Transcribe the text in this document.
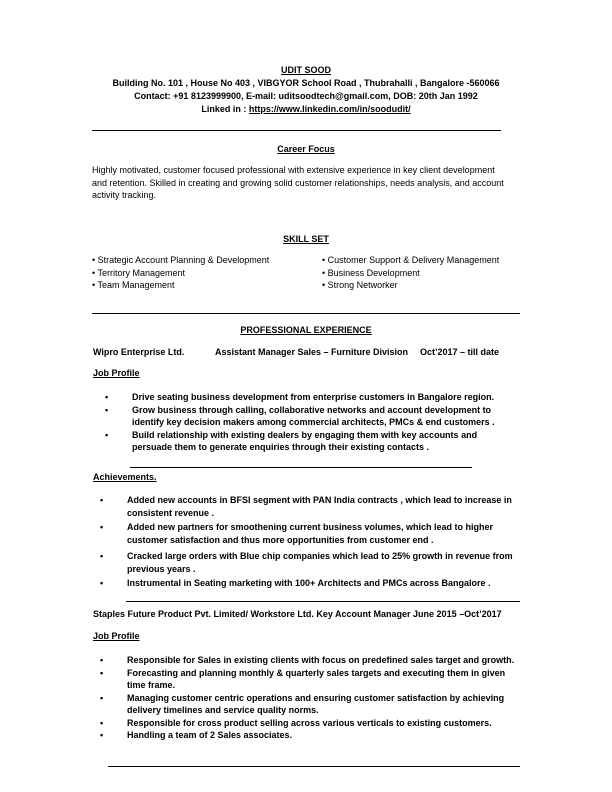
UDIT SOOD
Building No. 101 , House No 403 , VIBGYOR School Road , Thubrahalli , Bangalore -560066
Contact: +91 8123999900, E-mail: uditsoodtech@gmail.com, DOB: 20th Jan 1992
Linked in : https://www.linkedin.com/in/soodudit/
Career Focus
Highly motivated, customer focused professional with extensive experience in key client development and retention. Skilled in creating and growing solid customer relationships, needs analysis, and account activity tracking.
SKILL SET
• Strategic Account Planning & Development
• Territory Management
• Team Management
• Customer Support & Delivery Management
• Business Development
• Strong Networker
PROFESSIONAL EXPERIENCE
Wipro Enterprise Ltd.	Assistant Manager Sales – Furniture Division Oct’2017 – till date
Job Profile
• Drive seating business development from enterprise customers in Bangalore region.
• Grow business through calling, collaborative networks and account development to identify key decision makers among commercial architects, PMCs & end customers .
• Build relationship with existing dealers by engaging them with key accounts and persuade them to generate enquiries through their existing contacts .
Achievements.
• Added new accounts in BFSI segment with PAN India contracts , which lead to increase in consistent revenue .
• Added new partners for smoothening current business volumes, which lead to higher customer satisfaction and thus more opportunities from customer end .
• Cracked large orders with Blue chip companies which lead to 25% growth in revenue from previous years .
• Instrumental in Seating marketing with 100+ Architects and PMCs across Bangalore .
Staples Future Product Pvt. Limited/ Workstore Ltd. Key Account Manager June 2015 –Oct’2017
Job Profile
• Responsible for Sales in existing clients with focus on predefined sales target and growth.
• Forecasting and planning monthly & quarterly sales targets and executing them in given time frame.
• Managing customer centric operations and ensuring customer satisfaction by achieving delivery timelines and service quality norms.
• Responsible for cross product selling across various verticals to existing customers.
• Handling a team of 2 Sales associates.
